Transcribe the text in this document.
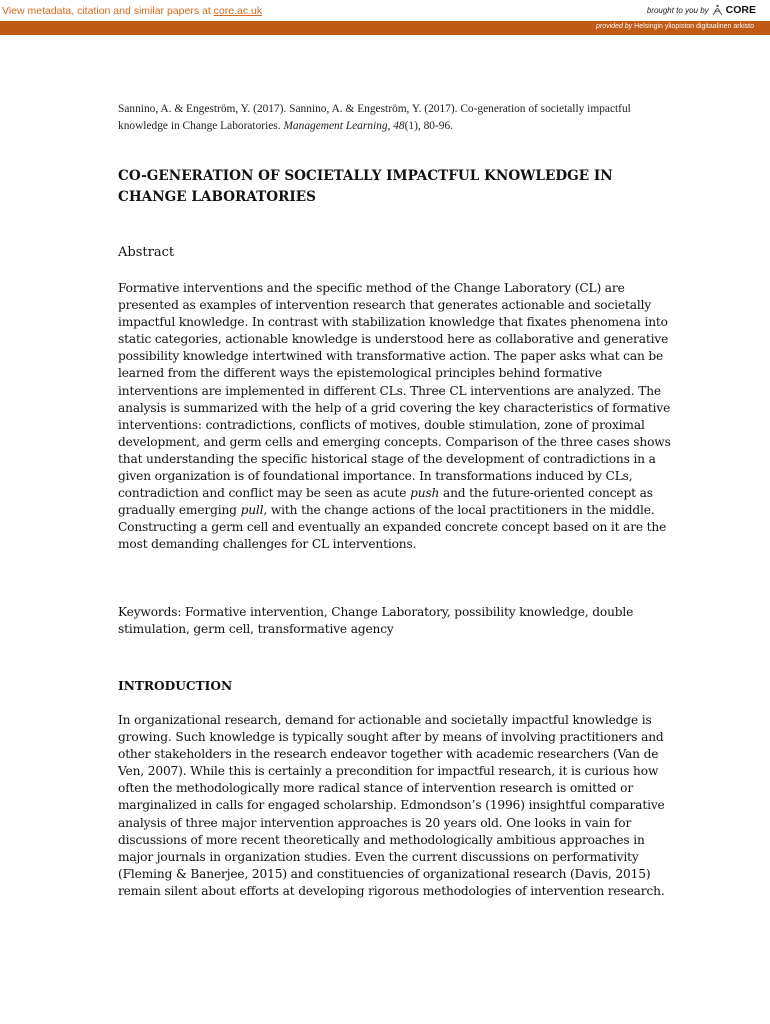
View metadata, citation and similar papers at core.ac.uk	brought to you by CORE
provided by Helsingin yliopiston digitaalinen arkisto
Sannino, A. & Engeström, Y. (2017). Sannino, A. & Engeström, Y. (2017). Co-generation of societally impactful knowledge in Change Laboratories. Management Learning, 48(1), 80-96.
CO-GENERATION OF SOCIETALLY IMPACTFUL KNOWLEDGE IN
CHANGE LABORATORIES
Abstract

Formative interventions and the specific method of the Change Laboratory (CL) are presented as examples of intervention research that generates actionable and societally impactful knowledge. In contrast with stabilization knowledge that fixates phenomena into static categories, actionable knowledge is understood here as collaborative and generative possibility knowledge intertwined with transformative action. The paper asks what can be learned from the different ways the epistemological principles behind formative interventions are implemented in different CLs. Three CL interventions are analyzed. The analysis is summarized with the help of a grid covering the key characteristics of formative interventions: contradictions, conflicts of motives, double stimulation, zone of proximal development, and germ cells and emerging concepts. Comparison of the three cases shows that understanding the specific historical stage of the development of contradictions in a given organization is of foundational importance. In transformations induced by CLs, contradiction and conflict may be seen as acute push and the future-oriented concept as gradually emerging pull, with the change actions of the local practitioners in the middle. Constructing a germ cell and eventually an expanded concrete concept based on it are the most demanding challenges for CL interventions.

Keywords: Formative intervention, Change Laboratory, possibility knowledge, double stimulation, germ cell, transformative agency

INTRODUCTION

In organizational research, demand for actionable and societally impactful knowledge is growing. Such knowledge is typically sought after by means of involving practitioners and other stakeholders in the research endeavor together with academic researchers (Van de Ven, 2007). While this is certainly a precondition for impactful research, it is curious how often the methodologically more radical stance of intervention research is omitted or marginalized in calls for engaged scholarship. Edmondson’s (1996) insightful comparative analysis of three major intervention approaches is 20 years old. One looks in vain for discussions of more recent theoretically and methodologically ambitious approaches in major journals in organization studies. Even the current discussions on performativity (Fleming & Banerjee, 2015) and constituencies of organizational research (Davis, 2015) remain silent about efforts at developing rigorous methodologies of intervention research.
